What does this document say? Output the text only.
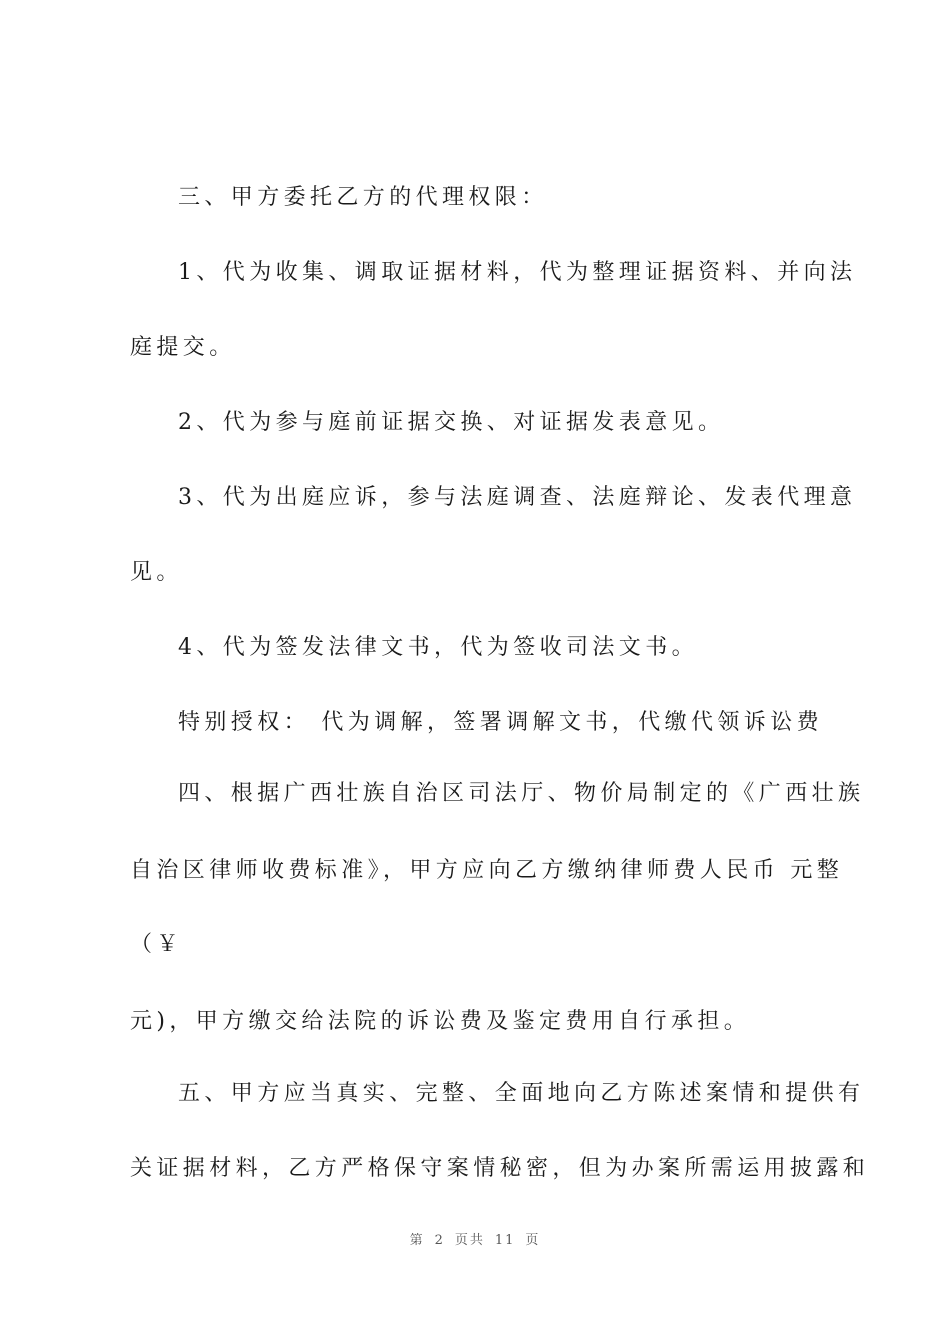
三、甲方委托乙方的代理权限：
1、代为收集、调取证据材料，代为整理证据资料、并向法
庭提交。
2、代为参与庭前证据交换、对证据发表意见。
3、代为出庭应诉，参与法庭调查、法庭辩论、发表代理意
见。
4、代为签发法律文书，代为签收司法文书。
特别授权： 代为调解，签署调解文书，代缴代领诉讼费
四、根据广西壮族自治区司法厅、物价局制定的《广西壮族
自治区律师收费标准》，甲方应向乙方缴纳律师费人民币 元整
（￥
元)，甲方缴交给法院的诉讼费及鉴定费用自行承担。
五、甲方应当真实、完整、全面地向乙方陈述案情和提供有
关证据材料，乙方严格保守案情秘密，但为办案所需运用披露和
第 2 页共 11 页
